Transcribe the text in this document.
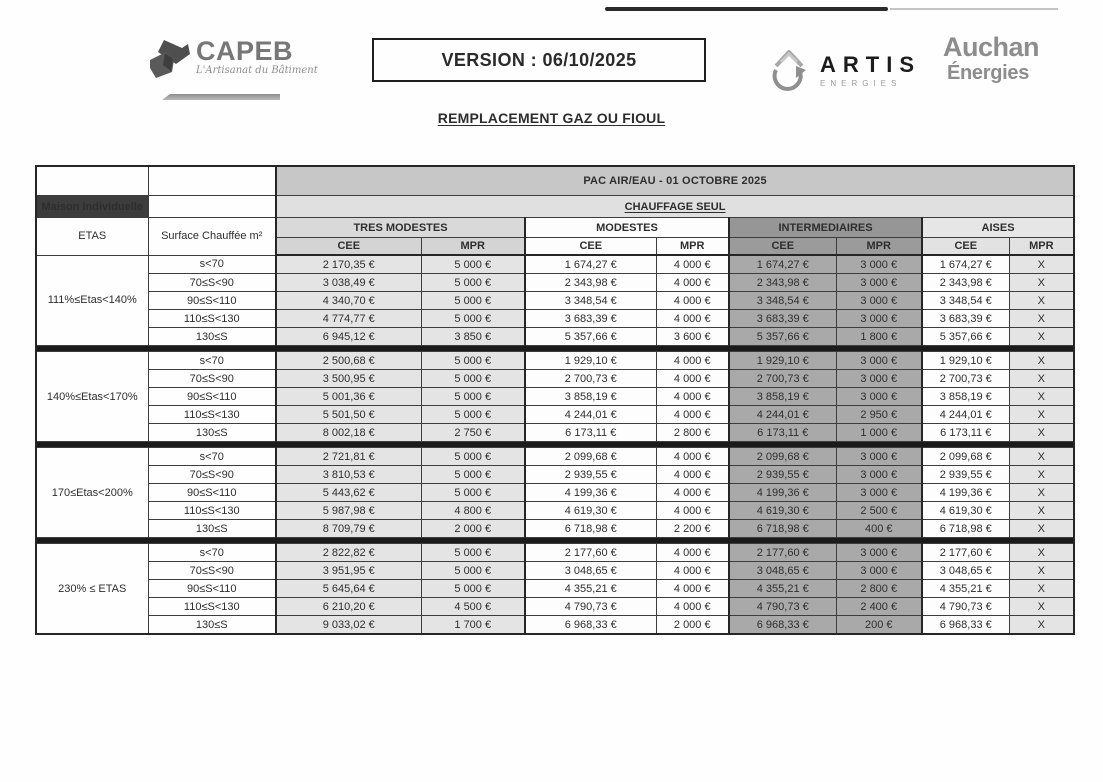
CAPEB
L'Artisanat du Bâtiment
VERSION : 06/10/2025	ARTIS
ENERGIES
Auchan
Énergies
REMPLACEMENT GAZ OU FIOUL
		PAC AIR/EAU - 01 OCTOBRE 2025							
Maison Individuelle		CHAUFFAGE SEUL							
ETAS	Surface Chauffée m²	TRES MODESTES		MODESTES		INTERMEDIAIRES		AISES	
		CEE	MPR	CEE	MPR	CEE	MPR	CEE	MPR
111%≤Etas<140%	s<70	2 170,35 €	5 000 €	1 674,27 €	4 000 €	1 674,27 €	3 000 €	1 674,27 €	X
	70≤S<90	3 038,49 €	5 000 €	2 343,98 €	4 000 €	2 343,98 €	3 000 €	2 343,98 €	X
	90≤S<110	4 340,70 €	5 000 €	3 348,54 €	4 000 €	3 348,54 €	3 000 €	3 348,54 €	X
	110≤S<130	4 774,77 €	5 000 €	3 683,39 €	4 000 €	3 683,39 €	3 000 €	3 683,39 €	X
	130≤S	6 945,12 €	3 850 €	5 357,66 €	3 600 €	5 357,66 €	1 800 €	5 357,66 €	X

140%≤Etas<170%	s<70	2 500,68 €	5 000 €	1 929,10 €	4 000 €	1 929,10 €	3 000 €	1 929,10 €	X
	70≤S<90	3 500,95 €	5 000 €	2 700,73 €	4 000 €	2 700,73 €	3 000 €	2 700,73 €	X
	90≤S<110	5 001,36 €	5 000 €	3 858,19 €	4 000 €	3 858,19 €	3 000 €	3 858,19 €	X
	110≤S<130	5 501,50 €	5 000 €	4 244,01 €	4 000 €	4 244,01 €	2 950 €	4 244,01 €	X
	130≤S	8 002,18 €	2 750 €	6 173,11 €	2 800 €	6 173,11 €	1 000 €	6 173,11 €	X

170≤Etas<200%	s<70	2 721,81 €	5 000 €	2 099,68 €	4 000 €	2 099,68 €	3 000 €	2 099,68 €	X
	70≤S<90	3 810,53 €	5 000 €	2 939,55 €	4 000 €	2 939,55 €	3 000 €	2 939,55 €	X
	90≤S<110	5 443,62 €	5 000 €	4 199,36 €	4 000 €	4 199,36 €	3 000 €	4 199,36 €	X
	110≤S<130	5 987,98 €	4 800 €	4 619,30 €	4 000 €	4 619,30 €	2 500 €	4 619,30 €	X
	130≤S	8 709,79 €	2 000 €	6 718,98 €	2 200 €	6 718,98 €	400 €	6 718,98 €	X

230% ≤ ETAS	s<70	2 822,82 €	5 000 €	2 177,60 €	4 000 €	2 177,60 €	3 000 €	2 177,60 €	X
	70≤S<90	3 951,95 €	5 000 €	3 048,65 €	4 000 €	3 048,65 €	3 000 €	3 048,65 €	X
	90≤S<110	5 645,64 €	5 000 €	4 355,21 €	4 000 €	4 355,21 €	2 800 €	4 355,21 €	X
	110≤S<130	6 210,20 €	4 500 €	4 790,73 €	4 000 €	4 790,73 €	2 400 €	4 790,73 €	X
	130≤S	9 033,02 €	1 700 €	6 968,33 €	2 000 €	6 968,33 €	200 €	6 968,33 €	X
